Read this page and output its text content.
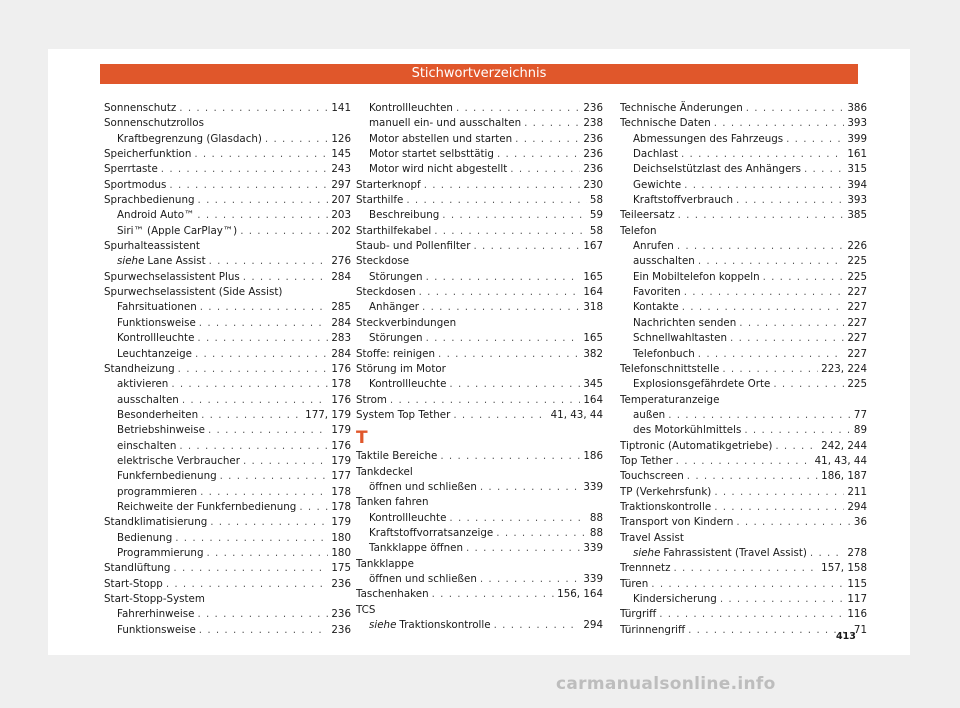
Stichwortverzeichnis
Sonnenschutz . . .	141
Sonnenschutzrollos
Kraftbegrenzung (Glasdach) . . .	126
Speicherfunktion . . .	145
Sperrtaste . . .	243
Sportmodus . . .	297
Sprachbedienung . . .	207
Android Auto™ . . .	203
Siri™ (Apple CarPlay™) . . .	202
Spurhalteassistent
siehe Lane Assist . . .	276
Spurwechselassistent Plus . . .	284
Spurwechselassistent (Side Assist)
Fahrsituationen . . .	285
Funktionsweise . . .	284
Kontrollleuchte . . .	283
Leuchtanzeige . . .	284
Standheizung . . .	176
aktivieren . . .	178
ausschalten . . .	176
Besonderheiten . . .	177, 179
Betriebshinweise . . .	179
einschalten . . .	176
elektrische Verbraucher . . .	179
Funkfernbedienung . . .	177
programmieren . . .	178
Reichweite der Funkfernbedienung . . .	178
Standklimatisierung . . .	179
Bedienung . . .	180
Programmierung . . .	180
Standlüftung . . .	175
Start-Stopp . . .	236
Start-Stopp-System
Fahrerhinweise . . .	236
Funktionsweise . . .	236
Kontrollleuchten . . .	236
manuell ein- und ausschalten . . .	238
Motor abstellen und starten . . .	236
Motor startet selbsttätig . . .	236
Motor wird nicht abgestellt . . .	236
Starterknopf . . .	230
Starthilfe . . .	58
Beschreibung . . .	59
Starthilfekabel . . .	58
Staub- und Pollenfilter . . .	167
Steckdose
Störungen . . .	165
Steckdosen . . .	164
Anhänger . . .	318
Steckverbindungen
Störungen . . .	165
Stoffe: reinigen . . .	382
Störung im Motor
Kontrollleuchte . . .	345
Strom . . .	164
System Top Tether . . .	41, 43, 44
T
Taktile Bereiche . . .	186
Tankdeckel
öffnen und schließen . . .	339
Tanken fahren
Kontrollleuchte . . .	88
Kraftstoffvorratsanzeige . . .	88
Tankklappe öffnen . . .	339
Tankklappe
öffnen und schließen . . .	339
Taschenhaken . . .	156, 164
TCS
siehe Traktionskontrolle . . .	294
Technische Änderungen . . .	386
Technische Daten . . .	393
Abmessungen des Fahrzeugs . . .	399
Dachlast . . .	161
Deichselstützlast des Anhängers . . .	315
Gewichte . . .	394
Kraftstoffverbrauch . . .	393
Teileersatz . . .	385
Telefon
Anrufen . . .	226
ausschalten . . .	225
Ein Mobiltelefon koppeln . . .	225
Favoriten . . .	227
Kontakte . . .	227
Nachrichten senden . . .	227
Schnellwahltasten . . .	227
Telefonbuch . . .	227
Telefonschnittstelle . . .	223, 224
Explosionsgefährdete Orte . . .	225
Temperaturanzeige
außen . . .	77
des Motorkühlmittels . . .	89
Tiptronic (Automatikgetriebe) . . .	242, 244
Top Tether . . .	41, 43, 44
Touchscreen . . .	186, 187
TP (Verkehrsfunk) . . .	211
Traktionskontrolle . . .	294
Transport von Kindern . . .	36
Travel Assist
siehe Fahrassistent (Travel Assist) . . .	278
Trennnetz . . .	157, 158
Türen . . .	115
Kindersicherung . . .	117
Türgriff . . .	116
Türinnengriff . . .	71
413
carmanualsonline.info
